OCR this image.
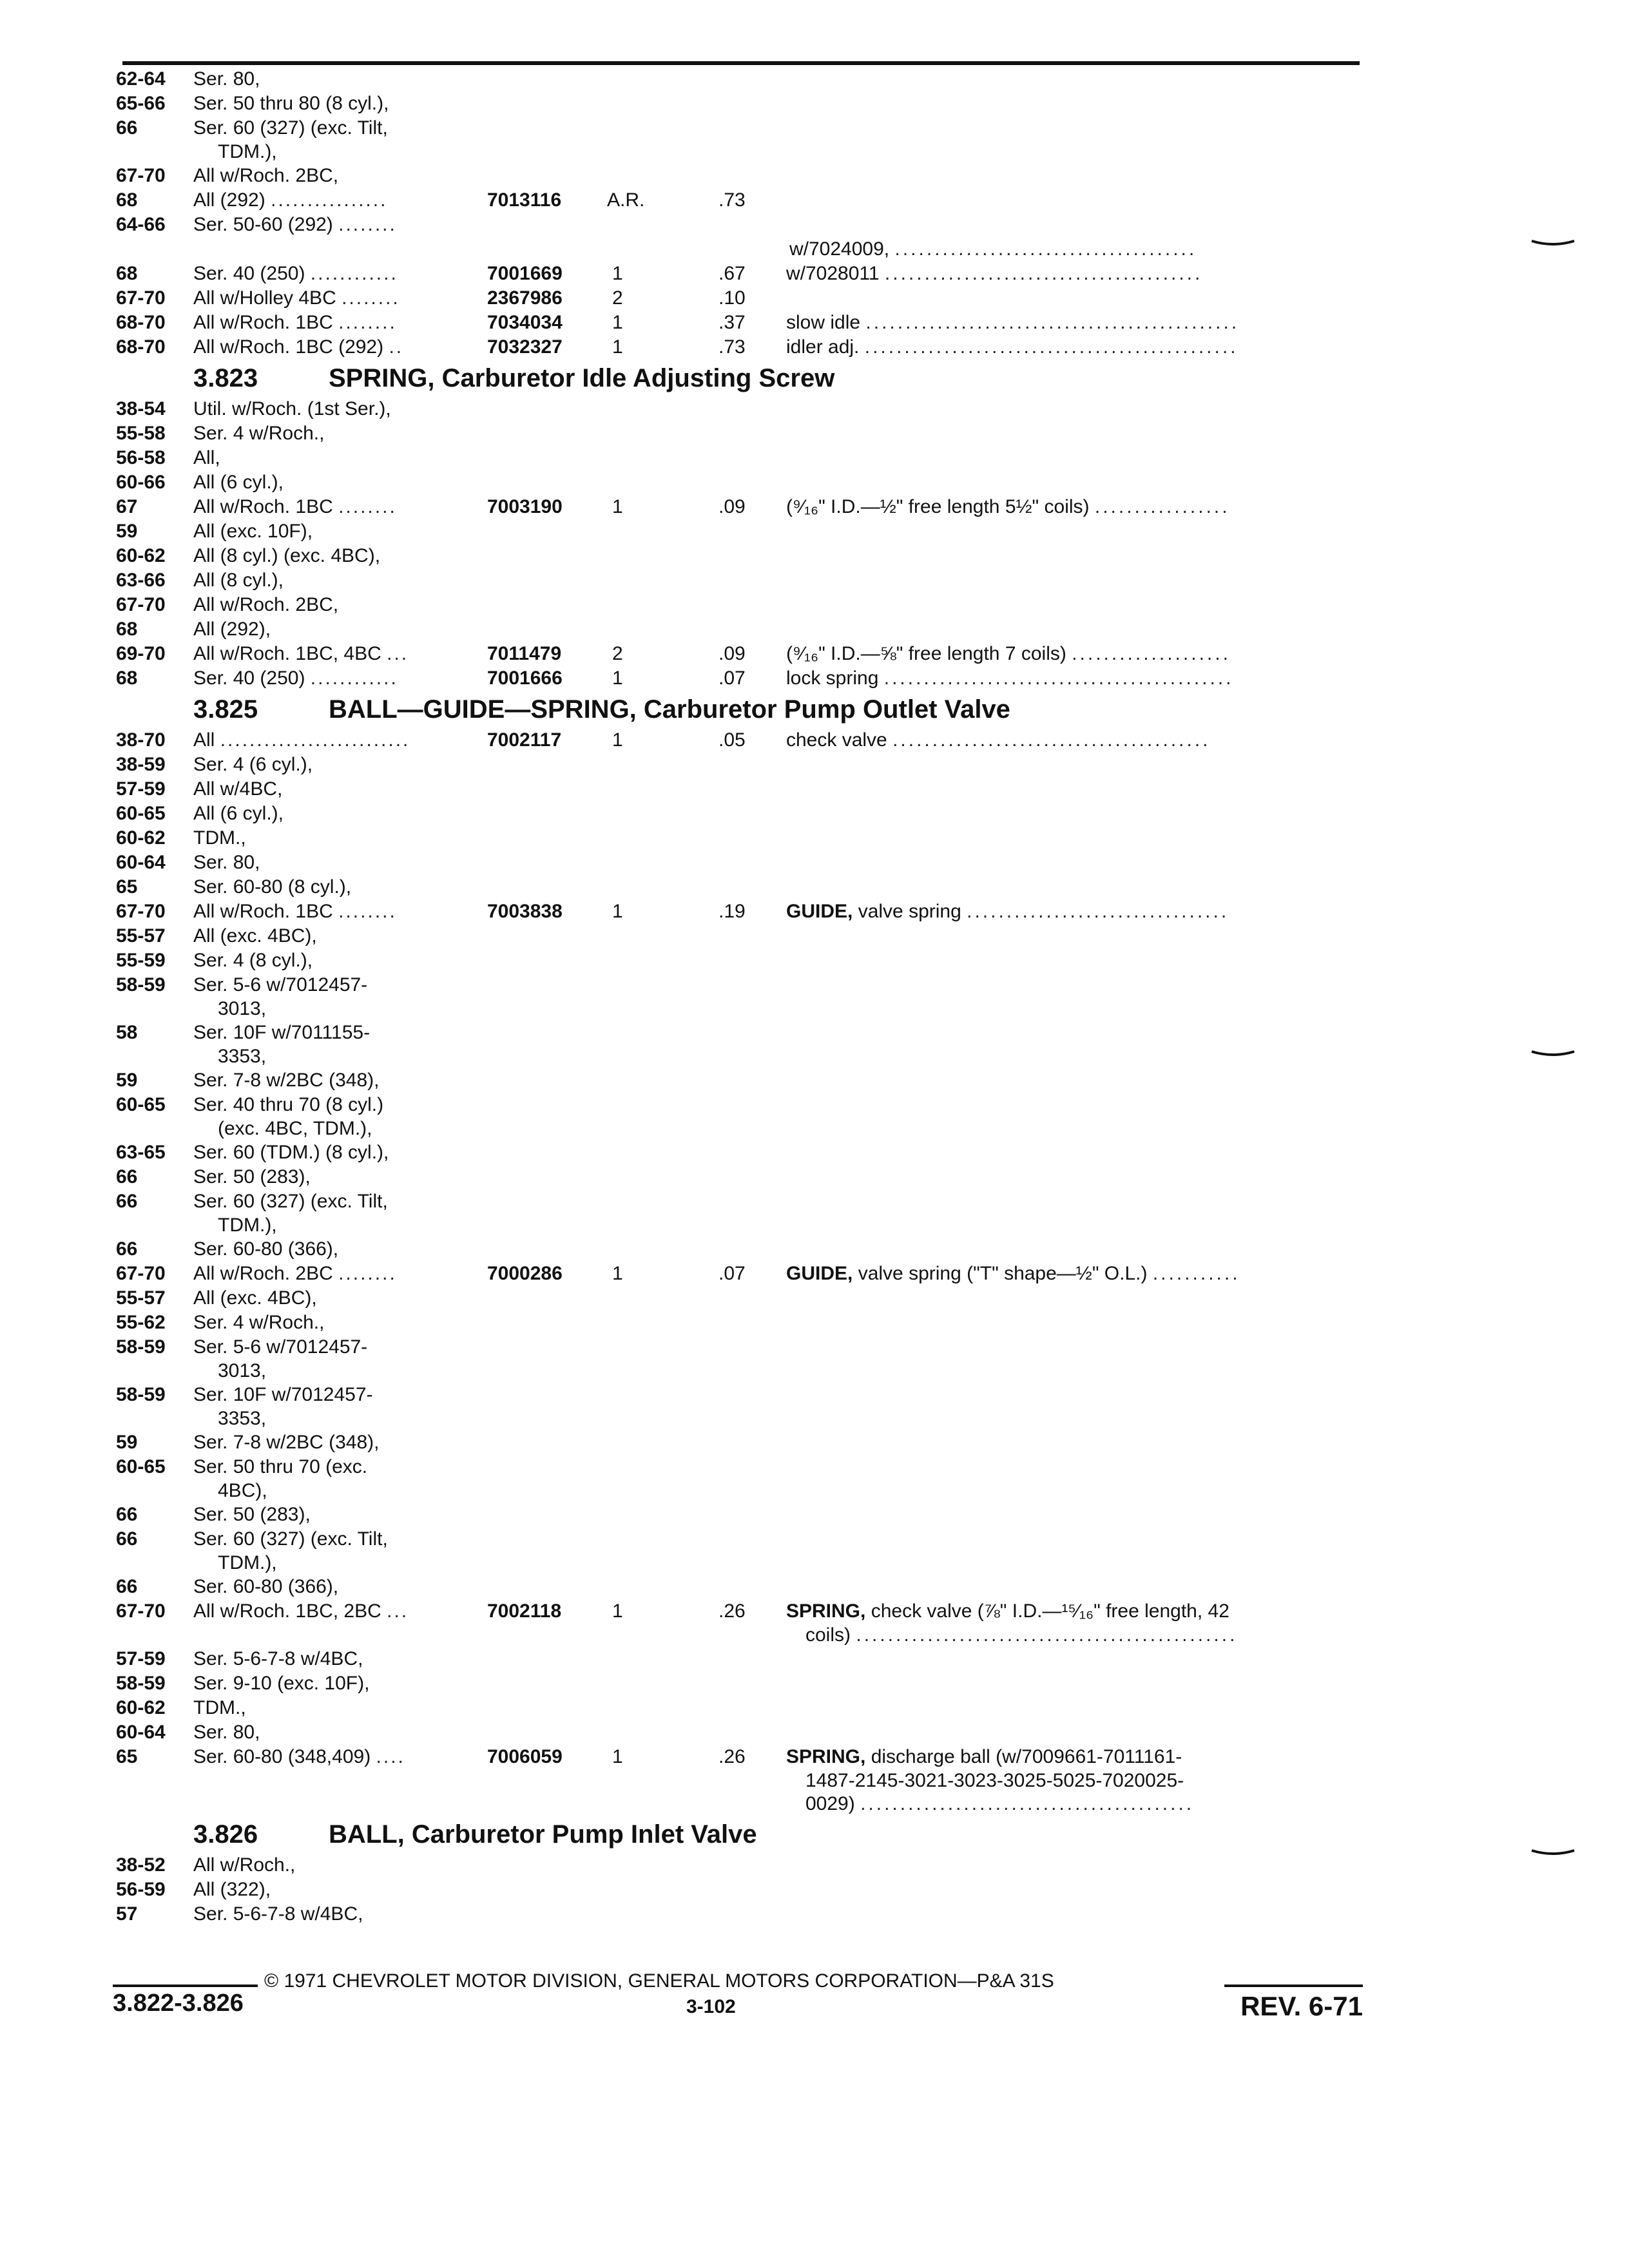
62-64	Ser. 80,
65-66	Ser. 50 thru 80 (8 cyl.),
66	Ser. 60 (327) (exc. Tilt,
TDM.),
67-70	All w/Roch. 2BC,
68	All (292) ................	7013116 A.R.	.73
64-66	Ser. 50-60 (292) ........
w/7024009, ......................................
68	Ser. 40 (250) ............	7001669	1	.67 w/7028011 ........................................
67-70	All w/Holley 4BC ........	2367986	2	.10
68-70	All w/Roch. 1BC ........	7034034	1	.37 slow idle ...............................................
68-70	All w/Roch. 1BC (292) ..	7032327	1	.73 idler adj. ...............................................
3.823	SPRING, Carburetor Idle Adjusting Screw
38-54	Util. w/Roch. (1st Ser.),
55-58	Ser. 4 w/Roch.,
56-58	All,
60-66	All (6 cyl.),
67	All w/Roch. 1BC ........	7003190	1	.09 (⁹⁄₁₆" I.D.—½" free length 5½" coils) .................
59	All (exc. 10F),
60-62	All (8 cyl.) (exc. 4BC),
63-66	All (8 cyl.),
67-70	All w/Roch. 2BC,
68	All (292),
69-70	All w/Roch. 1BC, 4BC ...	7011479	2	.09 (⁹⁄₁₆" I.D.—⅝" free length 7 coils) ....................
68	Ser. 40 (250) ............	7001666	1	.07 lock spring ............................................
3.825	BALL—GUIDE—SPRING, Carburetor Pump Outlet Valve
38-70	All ..........................	7002117	1	.05 check valve ........................................
38-59	Ser. 4 (6 cyl.),
57-59	All w/4BC,
60-65	All (6 cyl.),
60-62	TDM.,
60-64	Ser. 80,
65	Ser. 60-80 (8 cyl.),
67-70	All w/Roch. 1BC ........	7003838	1	.19 GUIDE, valve spring .................................
55-57	All (exc. 4BC),
55-59	Ser. 4 (8 cyl.),
58-59	Ser. 5-6 w/7012457-
3013,
58	Ser. 10F w/7011155-
3353,
59	Ser. 7-8 w/2BC (348),
60-65	Ser. 40 thru 70 (8 cyl.)
(exc. 4BC, TDM.),
63-65	Ser. 60 (TDM.) (8 cyl.),
66	Ser. 50 (283),
66	Ser. 60 (327) (exc. Tilt,
TDM.),
66	Ser. 60-80 (366),
67-70	All w/Roch. 2BC ........	7000286	1	.07 GUIDE, valve spring ("T" shape—½" O.L.) ...........
55-57	All (exc. 4BC),
55-62	Ser. 4 w/Roch.,
58-59	Ser. 5-6 w/7012457-
3013,
58-59	Ser. 10F w/7012457-
3353,
59	Ser. 7-8 w/2BC (348),
60-65	Ser. 50 thru 70 (exc.
4BC),
66	Ser. 50 (283),
66	Ser. 60 (327) (exc. Tilt,
TDM.),
66	Ser. 60-80 (366),
67-70	All w/Roch. 1BC, 2BC ...	7002118	1	.26 SPRING, check valve (⅞" I.D.—¹⁵⁄₁₆" free length, 42
coils) ................................................
57-59	Ser. 5-6-7-8 w/4BC,
58-59	Ser. 9-10 (exc. 10F),
60-62	TDM.,
60-64	Ser. 80,
65	Ser. 60-80 (348,409) ....	7006059	1	.26 SPRING, discharge ball (w/7009661-7011161-
1487-2145-3021-3023-3025-5025-7020025-
0029) ..........................................
3.826	BALL, Carburetor Pump Inlet Valve
38-52	All w/Roch.,
56-59	All (322),
57	Ser. 5-6-7-8 w/4BC,
© 1971 CHEVROLET MOTOR DIVISION, GENERAL MOTORS CORPORATION—P&A 31S
3.822-3.826	3-102	REV. 6-71
